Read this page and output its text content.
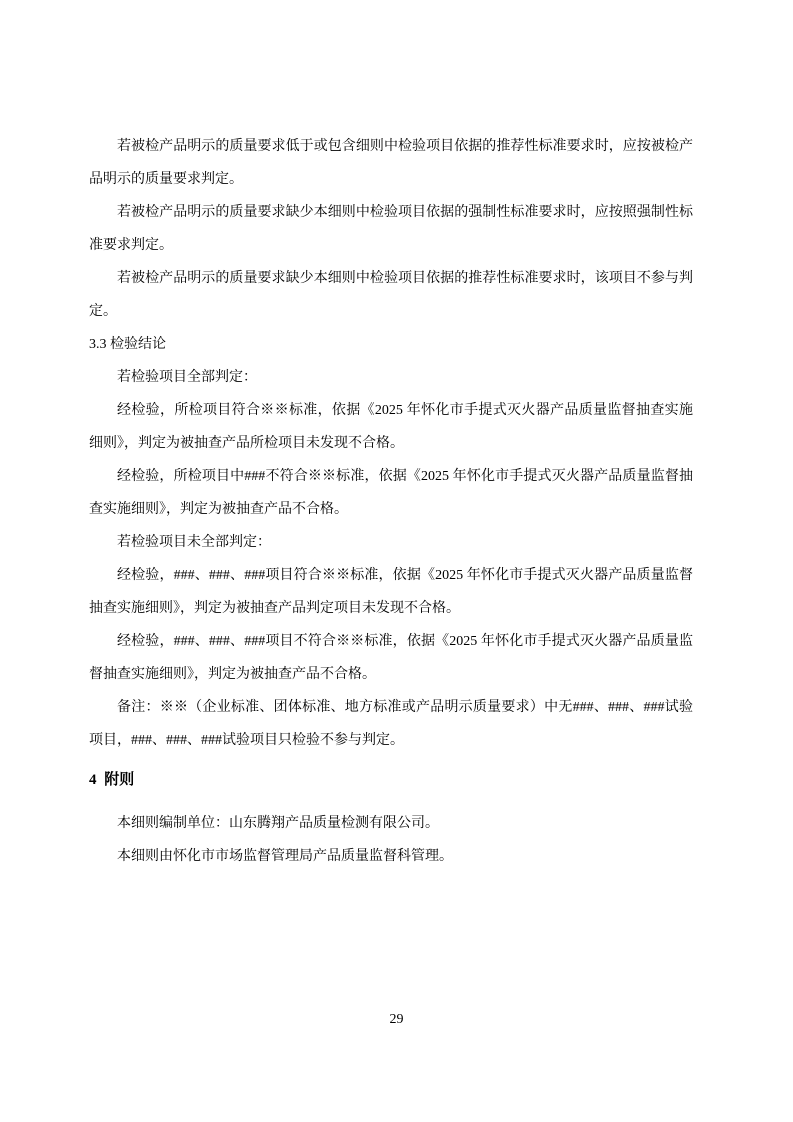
若被检产品明示的质量要求低于或包含细则中检验项目依据的推荐性标准要求时，应按被检产品明示的质量要求判定。

若被检产品明示的质量要求缺少本细则中检验项目依据的强制性标准要求时，应按照强制性标准要求判定。

若被检产品明示的质量要求缺少本细则中检验项目依据的推荐性标准要求时，该项目不参与判定。

3.3 检验结论

若检验项目全部判定：

经检验，所检项目符合※※标准，依据《2025 年怀化市手提式灭火器产品质量监督抽查实施细则》，判定为被抽查产品所检项目未发现不合格。

经检验，所检项目中###不符合※※标准，依据《2025 年怀化市手提式灭火器产品质量监督抽查实施细则》，判定为被抽查产品不合格。

若检验项目未全部判定：

经检验，###、###、###项目符合※※标准，依据《2025 年怀化市手提式灭火器产品质量监督抽查实施细则》，判定为被抽查产品判定项目未发现不合格。

经检验，###、###、###项目不符合※※标准，依据《2025 年怀化市手提式灭火器产品质量监督抽查实施细则》，判定为被抽查产品不合格。

备注：※※（企业标准、团体标准、地方标准或产品明示质量要求）中无###、###、###试验项目，###、###、###试验项目只检验不参与判定。

4 附则

本细则编制单位：山东腾翔产品质量检测有限公司。

本细则由怀化市市场监督管理局产品质量监督科管理。

29
